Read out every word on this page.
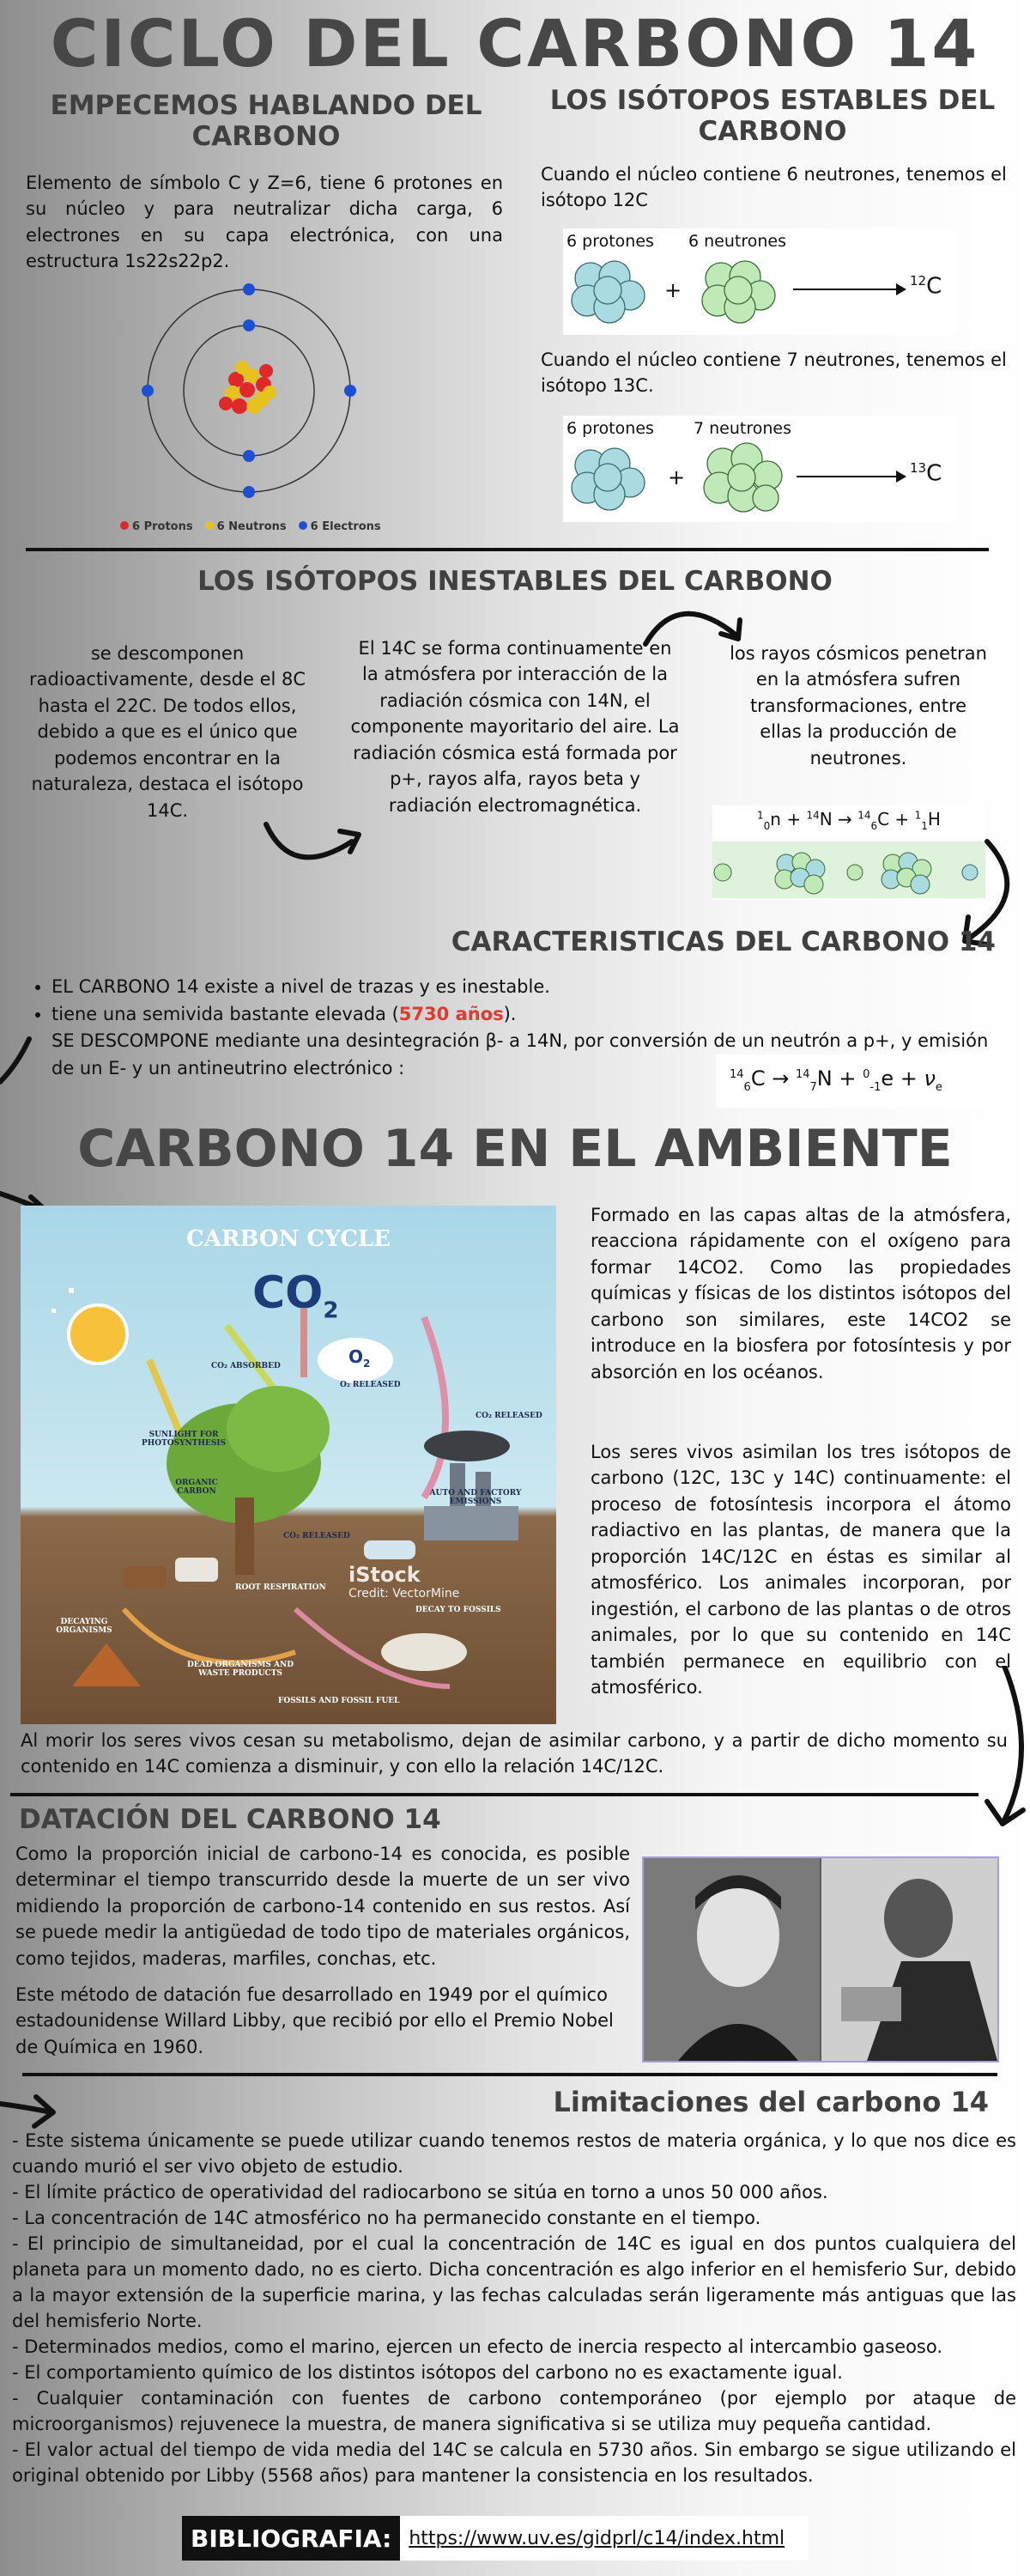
CICLO DEL CARBONO 14
EMPECEMOS HABLANDO DEL CARBONO
Elemento de símbolo C y Z=6, tiene 6 protones en su núcleo y para neutralizar dicha carga, 6 electrones en su capa electrónica, con una estructura 1s22s22p2.
6 Protons	6 Neutrons	6 Electrons
LOS ISÓTOPOS ESTABLES DEL CARBONO
Cuando el núcleo contiene 6 neutrones, tenemos el isótopo 12C
6 protones 6 neutrones
+	$^{12}$C
Cuando el núcleo contiene 7 neutrones, tenemos el isótopo 13C.
6 protones 7 neutrones
+	$^{13}$C
LOS ISÓTOPOS INESTABLES DEL CARBONO
se descomponen radioactivamente, desde el 8C hasta el 22C. De todos ellos, debido a que es el único que podemos encontrar en la naturaleza, destaca el isótopo 14C.
El 14C se forma continuamente en la atmósfera por interacción de la radiación cósmica con 14N, el componente mayoritario del aire. La radiación cósmica está formada por p+, rayos alfa, rayos beta y radiación electromagnética.
los rayos cósmicos penetran en la atmósfera sufren transformaciones, entre ellas la producción de neutrones.
$^1_0$n + $^{14}$N → $^{14}_6$C + $^1_1$H
CARACTERISTICAS DEL CARBONO 14
• EL CARBONO 14 existe a nivel de trazas y es inestable.
• tiene una semivida bastante elevada (5730 años).
SE DESCOMPONE mediante una desintegración β- a 14N, por conversión de un neutrón a p+, y emisión de un E- y un antineutrino electrónico :	$^{14}_6C \to ^{14}_7N + ^0_{-1}e + \nu_e$
CARBONO 14 EN EL AMBIENTE
CARBON CYCLE
$CO_2$
$O_2$
CO₂ ABSORBED
O₂ RELEASED
CO₂ RELEASED
SUNLIGHT FOR PHOTOSYNTHESIS
ORGANIC CARBON	AUTO AND FACTORY EMISSIONS
CO₂ RELEASED
ROOT RESPIRATION
DECAY TO FOSSILS
DECAYING ORGANISMS
DEAD ORGANISMS AND WASTE PRODUCTS
FOSSILS AND FOSSIL FUEL
iStock
Credit: VectorMine
Formado en las capas altas de la atmósfera, reacciona rápidamente con el oxígeno para formar 14CO2. Como las propiedades químicas y físicas de los distintos isótopos del carbono son similares, este 14CO2 se introduce en la biosfera por fotosíntesis y por absorción en los océanos.
Los seres vivos asimilan los tres isótopos de carbono (12C, 13C y 14C) continuamente: el proceso de fotosíntesis incorpora el átomo radiactivo en las plantas, de manera que la proporción 14C/12C en éstas es similar al atmosférico. Los animales incorporan, por ingestión, el carbono de las plantas o de otros animales, por lo que su contenido en 14C también permanece en equilibrio con el atmosférico.
Al morir los seres vivos cesan su metabolismo, dejan de asimilar carbono, y a partir de dicho momento su contenido en 14C comienza a disminuir, y con ello la relación 14C/12C.
DATACIÓN DEL CARBONO 14
Como la proporción inicial de carbono-14 es conocida, es posible determinar el tiempo transcurrido desde la muerte de un ser vivo midiendo la proporción de carbono-14 contenido en sus restos. Así se puede medir la antigüedad de todo tipo de materiales orgánicos, como tejidos, maderas, marfiles, conchas, etc.
Este método de datación fue desarrollado en 1949 por el químico estadounidense Willard Libby, que recibió por ello el Premio Nobel de Química en 1960.
Limitaciones del carbono 14
- Este sistema únicamente se puede utilizar cuando tenemos restos de materia orgánica, y lo que nos dice es cuando murió el ser vivo objeto de estudio.
- El límite práctico de operatividad del radiocarbono se sitúa en torno a unos 50 000 años.
- La concentración de 14C atmosférico no ha permanecido constante en el tiempo.
- El principio de simultaneidad, por el cual la concentración de 14C es igual en dos puntos cualquiera del planeta para un momento dado, no es cierto. Dicha concentración es algo inferior en el hemisferio Sur, debido a la mayor extensión de la superficie marina, y las fechas calculadas serán ligeramente más antiguas que las del hemisferio Norte.
- Determinados medios, como el marino, ejercen un efecto de inercia respecto al intercambio gaseoso.
- El comportamiento químico de los distintos isótopos del carbono no es exactamente igual.
- Cualquier contaminación con fuentes de carbono contemporáneo (por ejemplo por ataque de microorganismos) rejuvenece la muestra, de manera significativa si se utiliza muy pequeña cantidad.
- El valor actual del tiempo de vida media del 14C se calcula en 5730 años. Sin embargo se sigue utilizando el original obtenido por Libby (5568 años) para mantener la consistencia en los resultados.
BIBLIOGRAFIA: https://www.uv.es/gidprl/c14/index.html
